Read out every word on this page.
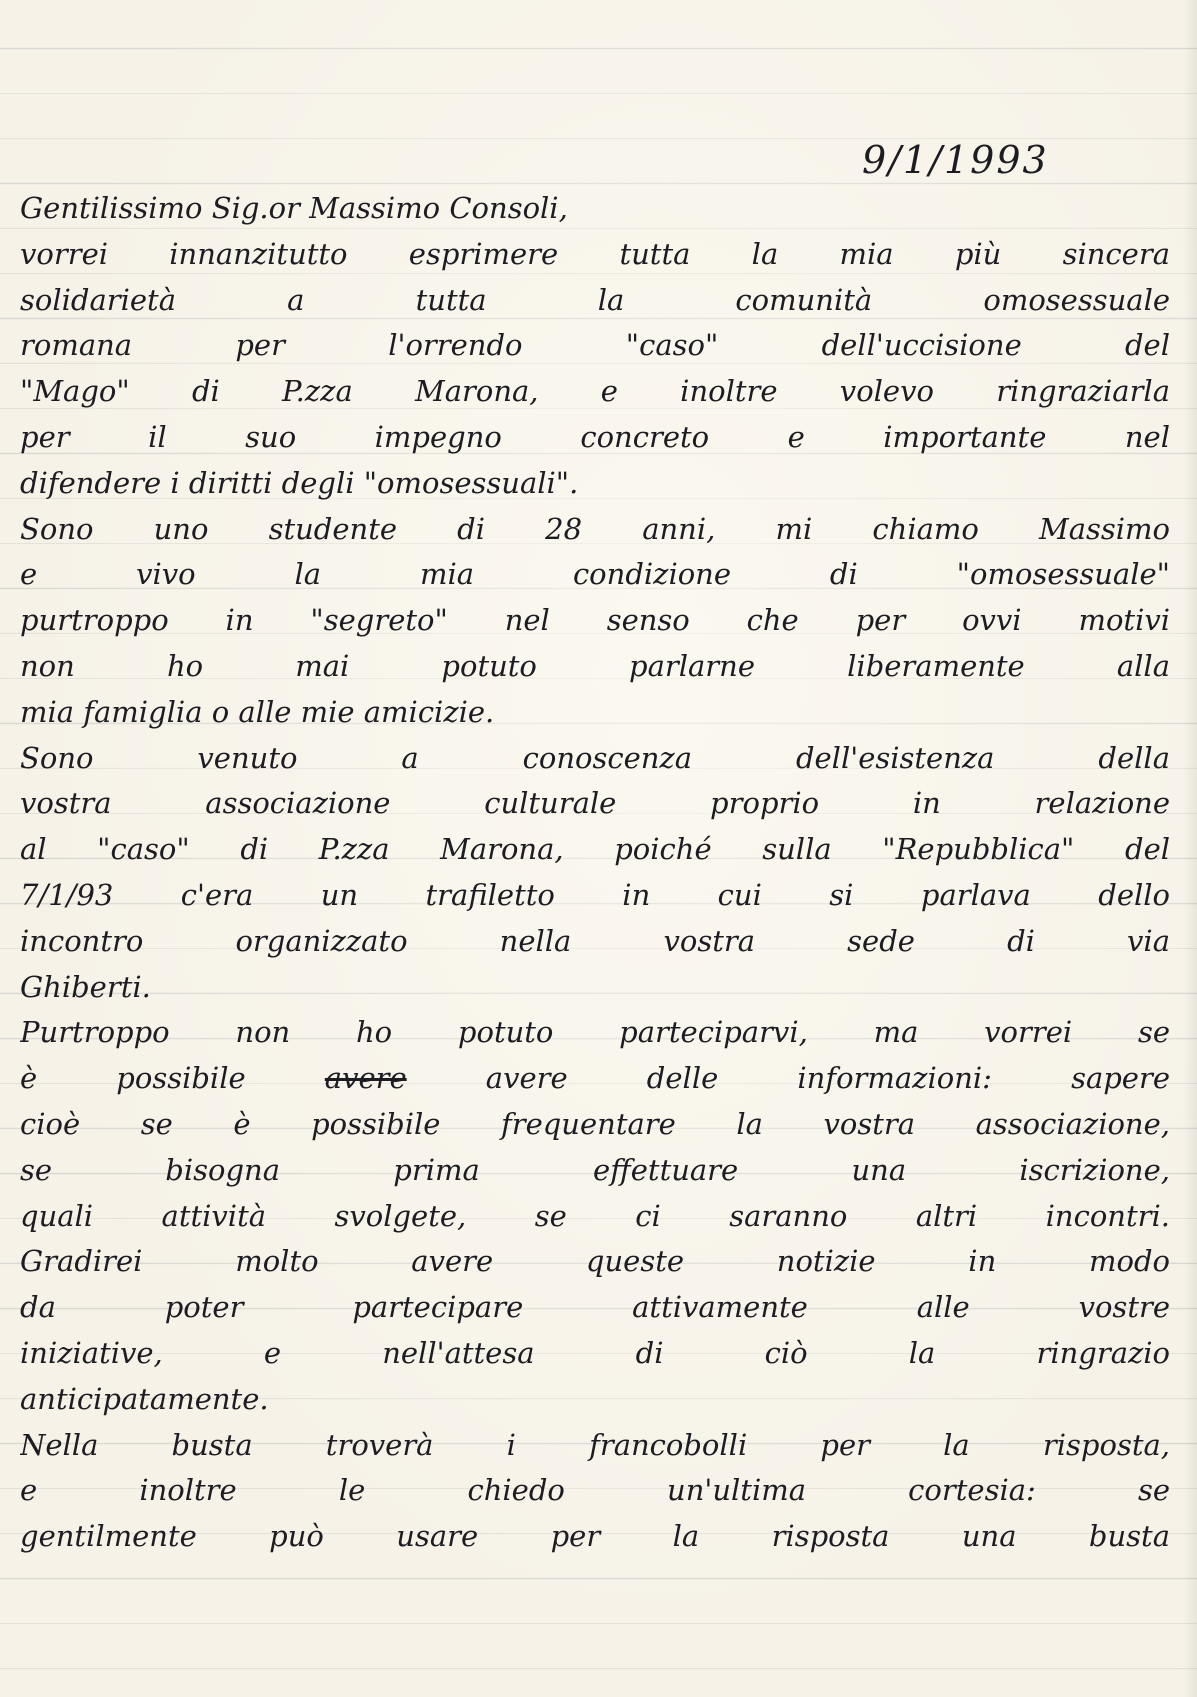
9/1/1993
Gentilissimo Sig.or Massimo Consoli,
vorrei innanzitutto esprimere tutta la mia più sincera
solidarietà a tutta la comunità omosessuale
romana per l'orrendo "caso" dell'uccisione del
"Mago" di P.zza Marona, e inoltre volevo ringraziarla
per il suo impegno concreto e importante nel
difendere i diritti degli "omosessuali".
Sono uno studente di 28 anni, mi chiamo Massimo
e vivo la mia condizione di "omosessuale"
purtroppo in "segreto" nel senso che per ovvi motivi
non ho mai potuto parlarne liberamente alla
mia famiglia o alle mie amicizie.
Sono venuto a conoscenza dell'esistenza della
vostra associazione culturale proprio in relazione
al "caso" di P.zza Marona, poiché sulla "Repubblica" del
7/1/93 c'era un trafiletto in cui si parlava dello
incontro organizzato nella vostra sede di via
Ghiberti.
Purtroppo non ho potuto parteciparvi, ma vorrei se
è possibile	avere avere delle informazioni: sapere
cioè se è possibile frequentare la vostra associazione,
se bisogna prima effettuare una iscrizione,
quali attività svolgete, se ci saranno altri incontri.
Gradirei molto avere queste notizie in modo
da poter partecipare attivamente alle vostre
iniziative, e nell'attesa di ciò la ringrazio
anticipatamente.
Nella busta troverà i francobolli per la risposta,
e inoltre le chiedo un'ultima cortesia: se
gentilmente può usare per la risposta una busta
